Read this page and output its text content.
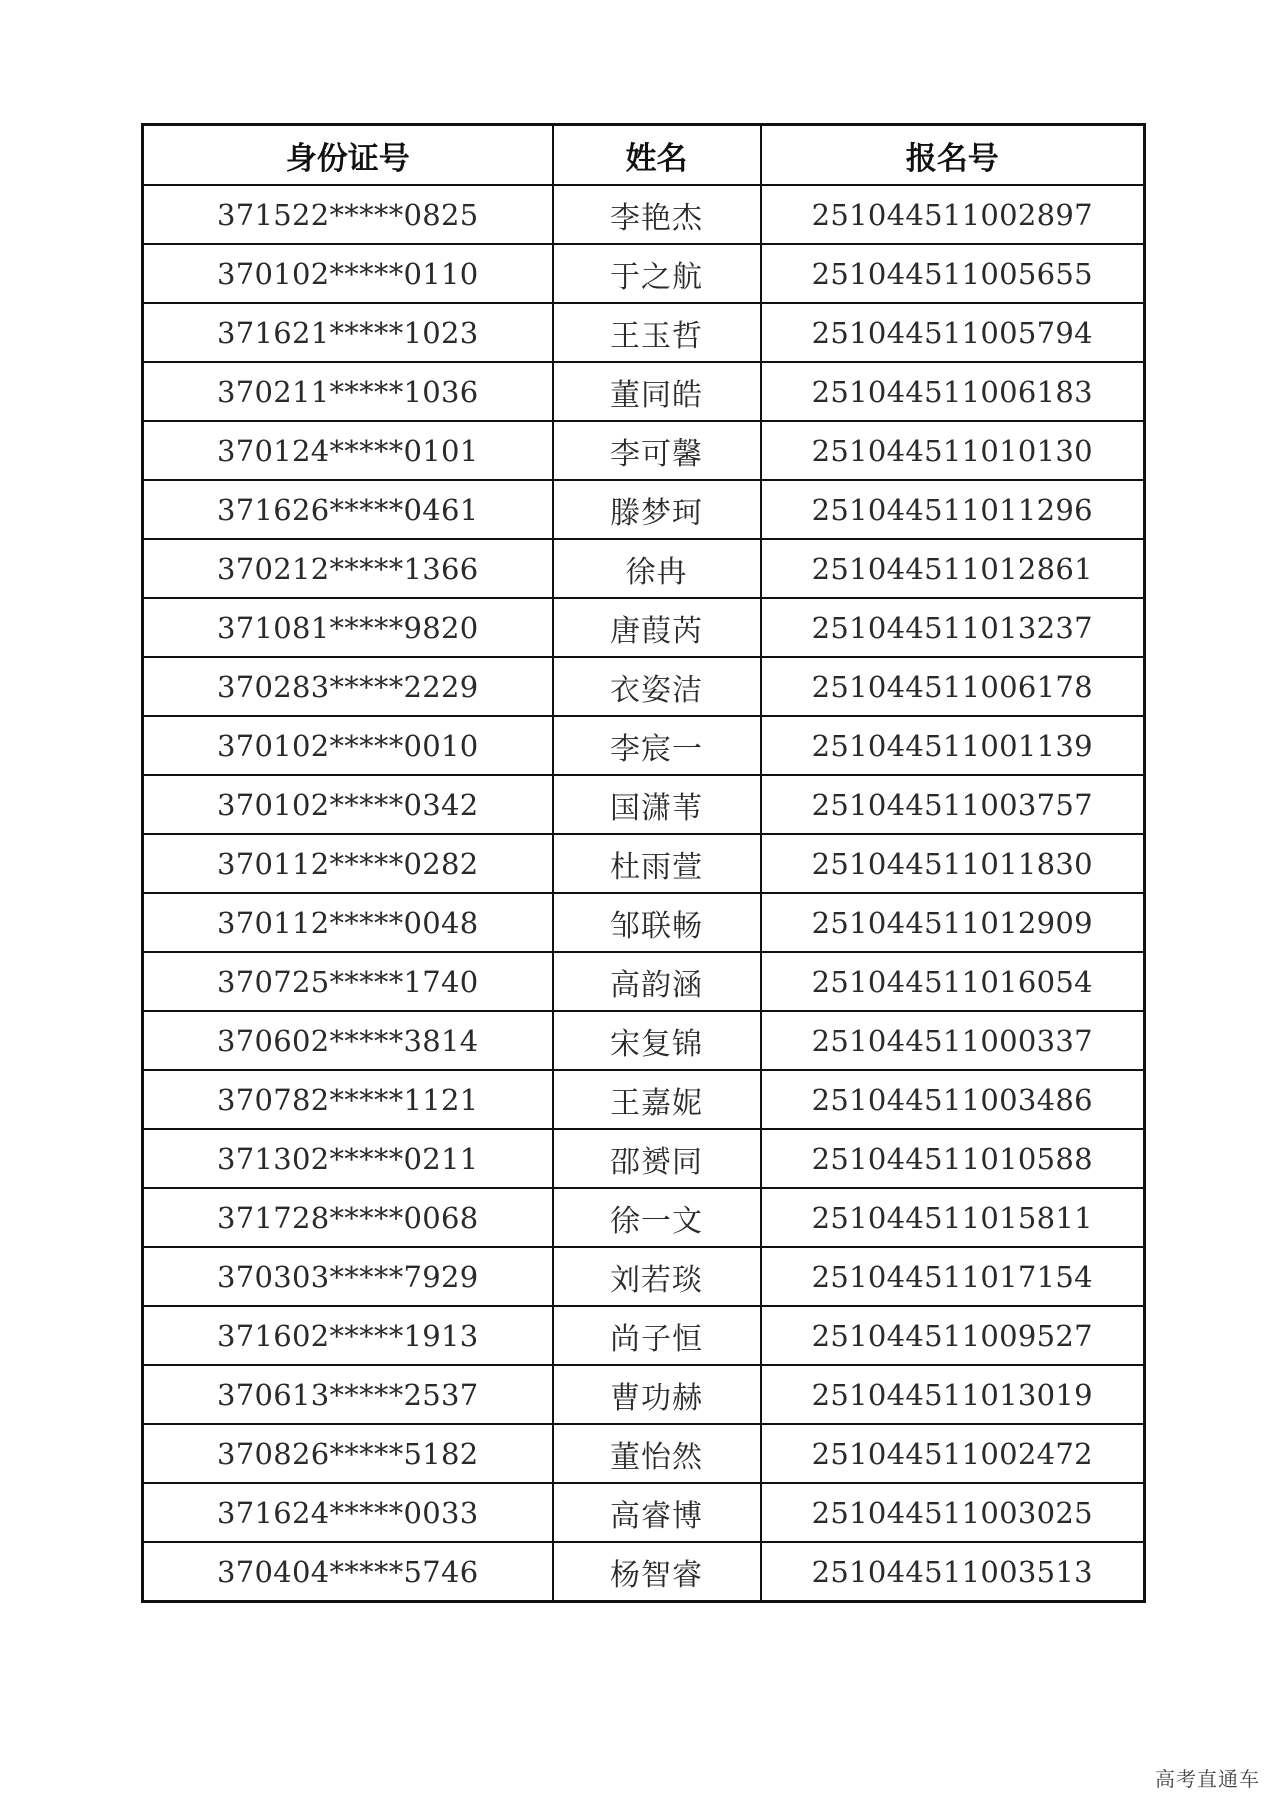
身份证号	姓名	报名号
371522*****0825	李艳杰	251044511002897
370102*****0110	于之航	251044511005655
371621*****1023	王玉哲	251044511005794
370211*****1036	董同皓	251044511006183
370124*****0101	李可馨	251044511010130
371626*****0461	滕梦珂	251044511011296
370212*****1366	徐冉	251044511012861
371081*****9820	唐葭芮	251044511013237
370283*****2229	衣姿洁	251044511006178
370102*****0010	李宸一	251044511001139
370102*****0342	国潇苇	251044511003757
370112*****0282	杜雨萱	251044511011830
370112*****0048	邹联畅	251044511012909
370725*****1740	高韵涵	251044511016054
370602*****3814	宋复锦	251044511000337
370782*****1121	王嘉妮	251044511003486
371302*****0211	邵赟同	251044511010588
371728*****0068	徐一文	251044511015811
370303*****7929	刘若琰	251044511017154
371602*****1913	尚子恒	251044511009527
370613*****2537	曹功赫	251044511013019
370826*****5182	董怡然	251044511002472
371624*****0033	高睿博	251044511003025
370404*****5746	杨智睿	251044511003513
高考直通车
